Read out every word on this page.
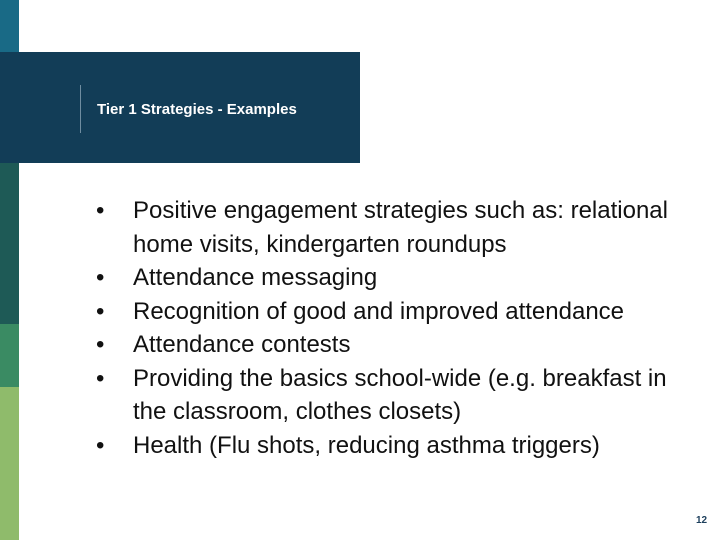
Tier 1 Strategies - Examples
•	Positive engagement strategies such as: relational home visits, kindergarten roundups
•	Attendance messaging
•	Recognition of good and improved attendance
•	Attendance contests
•	Providing the basics school-wide (e.g. breakfast in the classroom, clothes closets)
•	Health (Flu shots, reducing asthma triggers)
12
